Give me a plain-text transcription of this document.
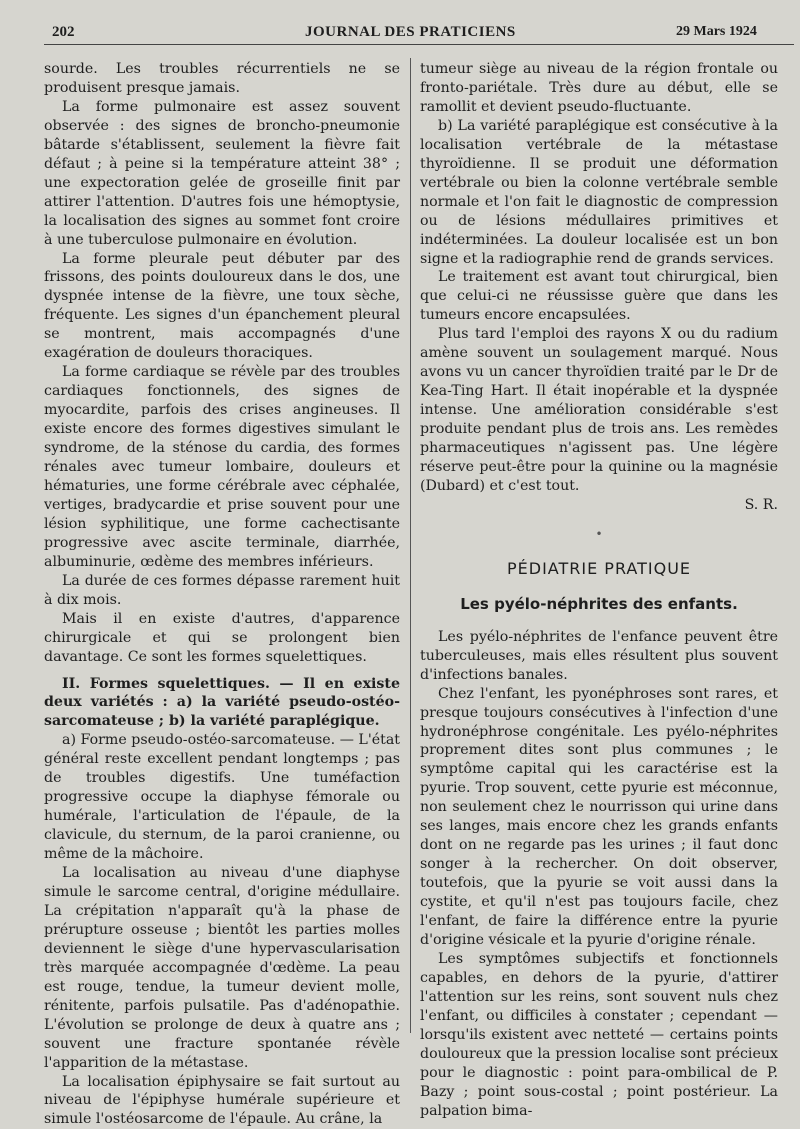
202	JOURNAL DES PRATICIENS	29 Mars 1924

sourde. Les troubles récurrentiels ne se produisent presque jamais.

La forme pulmonaire est assez souvent observée : des signes de broncho-pneumonie bâtarde s'établissent, seulement la fièvre fait défaut ; à peine si la température atteint 38° ; une expectoration gelée de groseille finit par attirer l'attention. D'autres fois une hémoptysie, la localisation des signes au sommet font croire à une tuberculose pulmonaire en évolution.

La forme pleurale peut débuter par des frissons, des points douloureux dans le dos, une dyspnée intense de la fièvre, une toux sèche, fréquente. Les signes d'un épanchement pleural se montrent, mais accompagnés d'une exagération de douleurs thoraciques.

La forme cardiaque se révèle par des troubles cardiaques fonctionnels, des signes de myocardite, parfois des crises angineuses. Il existe encore des formes digestives simulant le syndrome, de la sténose du cardia, des formes rénales avec tumeur lombaire, douleurs et hématuries, une forme cérébrale avec céphalée, vertiges, bradycardie et prise souvent pour une lésion syphilitique, une forme cachectisante progressive avec ascite terminale, diarrhée, albuminurie, œdème des membres inférieurs.

La durée de ces formes dépasse rarement huit à dix mois.

Mais il en existe d'autres, d'apparence chirurgicale et qui se prolongent bien davantage. Ce sont les formes squelettiques.

II. Formes squelettiques. — Il en existe deux variétés : a) la variété pseudo-ostéo-sarcomateuse ; b) la variété paraplégique.

a) Forme pseudo-ostéo-sarcomateuse. — L'état général reste excellent pendant longtemps ; pas de troubles digestifs. Une tuméfaction progressive occupe la diaphyse fémorale ou humérale, l'articulation de l'épaule, de la clavicule, du sternum, de la paroi cranienne, ou même de la mâchoire.

La localisation au niveau d'une diaphyse simule le sarcome central, d'origine médullaire. La crépitation n'apparaît qu'à la phase de prérupture osseuse ; bientôt les parties molles deviennent le siège d'une hypervascularisation très marquée accompagnée d'œdème. La peau est rouge, tendue, la tumeur devient molle, rénitente, parfois pulsatile. Pas d'adénopathie. L'évolution se prolonge de deux à quatre ans ; souvent une fracture spontanée révèle l'apparition de la métastase.

La localisation épiphysaire se fait surtout au niveau de l'épiphyse humérale supérieure et simule l'ostéosarcome de l'épaule. Au crâne, la

tumeur siège au niveau de la région frontale ou fronto-pariétale. Très dure au début, elle se ramollit et devient pseudo-fluctuante.

b) La variété paraplégique est consécutive à la localisation vertébrale de la métastase thyroïdienne. Il se produit une déformation vertébrale ou bien la colonne vertébrale semble normale et l'on fait le diagnostic de compression ou de lésions médullaires primitives et indéterminées. La douleur localisée est un bon signe et la radiographie rend de grands services.

Le traitement est avant tout chirurgical, bien que celui-ci ne réussisse guère que dans les tumeurs encore encapsulées.

Plus tard l'emploi des rayons X ou du radium amène souvent un soulagement marqué. Nous avons vu un cancer thyroïdien traité par le Dr de Kea-Ting Hart. Il était inopérable et la dyspnée intense. Une amélioration considérable s'est produite pendant plus de trois ans. Les remèdes pharmaceutiques n'agissent pas. Une légère réserve peut-être pour la quinine ou la magnésie (Dubard) et c'est tout.

S. R.
•
PÉDIATRIE PRATIQUE
Les pyélo-néphrites des enfants.

Les pyélo-néphrites de l'enfance peuvent être tuberculeuses, mais elles résultent plus souvent d'infections banales.

Chez l'enfant, les pyonéphroses sont rares, et presque toujours consécutives à l'infection d'une hydronéphrose congénitale. Les pyélo-néphrites proprement dites sont plus communes ; le symptôme capital qui les caractérise est la pyurie. Trop souvent, cette pyurie est méconnue, non seulement chez le nourrisson qui urine dans ses langes, mais encore chez les grands enfants dont on ne regarde pas les urines ; il faut donc songer à la rechercher. On doit observer, toutefois, que la pyurie se voit aussi dans la cystite, et qu'il n'est pas toujours facile, chez l'enfant, de faire la différence entre la pyurie d'origine vésicale et la pyurie d'origine rénale.

Les symptômes subjectifs et fonctionnels capables, en dehors de la pyurie, d'attirer l'attention sur les reins, sont souvent nuls chez l'enfant, ou difficiles à constater ; cependant — lorsqu'ils existent avec netteté — certains points douloureux que la pression localise sont précieux pour le diagnostic : point para-ombilical de P. Bazy ; point sous-costal ; point postérieur. La palpation bima-
